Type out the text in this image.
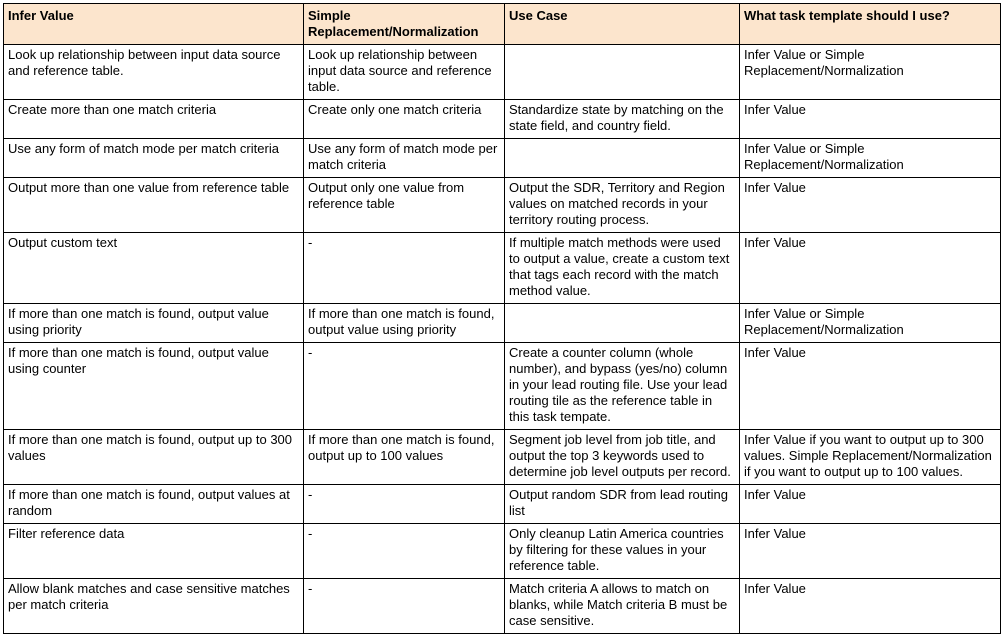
Infer Value	Simple Replacement/Normalization	Use Case	What task template should I use?
Look up relationship between input data source and reference table.	Look up relationship between input data source and reference table.		Infer Value or Simple Replacement/Normalization
Create more than one match criteria	Create only one match criteria	Standardize state by matching on the state field, and country field.	Infer Value
Use any form of match mode per match criteria	Use any form of match mode per match criteria		Infer Value or Simple Replacement/Normalization
Output more than one value from reference table	Output only one value from reference table	Output the SDR, Territory and Region values on matched records in your territory routing process.	Infer Value
Output custom text	-	If multiple match methods were used to output a value, create a custom text that tags each record with the match method value.	Infer Value
If more than one match is found, output value using priority	If more than one match is found, output value using priority		Infer Value or Simple Replacement/Normalization
If more than one match is found, output value using counter	-	Create a counter column (whole number), and bypass (yes/no) column in your lead routing file. Use your lead routing tile as the reference table in this task tempate.	Infer Value
If more than one match is found, output up to 300 values	If more than one match is found, output up to 100 values	Segment job level from job title, and output the top 3 keywords used to determine job level outputs per record.	Infer Value if you want to output up to 300 values. Simple Replacement/Normalization if you want to output up to 100 values.
If more than one match is found, output values at random	-	Output random SDR from lead routing list	Infer Value
Filter reference data	-	Only cleanup Latin America countries by filtering for these values in your reference table.	Infer Value
Allow blank matches and case sensitive matches per match criteria	-	Match criteria A allows to match on blanks, while Match criteria B must be case sensitive.	Infer Value
